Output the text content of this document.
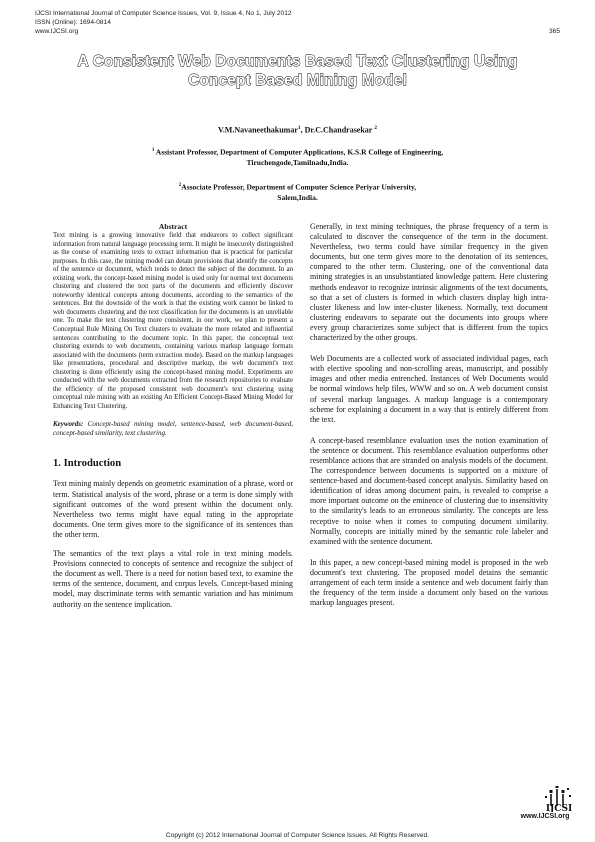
IJCSI International Journal of Computer Science Issues, Vol. 9, Issue 4, No 1, July 2012
ISSN (Online): 1694-0814
www.IJCSI.org	365
A Consistent Web Documents Based Text Clustering Using
Concept Based Mining Model
V.M.Navaneethakumar$^1$, Dr.C.Chandrasekar $^2$
$^1$ Assistant Professor, Department of Computer Applications, K.S.R College of Engineering,
Tiruchengode,Tamilnadu,India.
$^2$Associate Professor, Department of Computer Science Periyar University,
Salem,India.
Abstract

Text mining is a growing innovative field that endeavors to collect significant information from natural language processing term. It might be insecurely distinguished as the course of examining texts to extract information that is practical for particular purposes. In this case, the mining model can detain provisions that identify the concepts of the sentence or document, which tends to detect the subject of the document. In an existing work, the concept-based mining model is used only for normal text documents clustering and clustered the text parts of the documents and efficiently discover noteworthy identical concepts among documents, according to the semantics of the sentences. But the downside of the work is that the existing work cannot be linked to web documents clustering and the text classification for the documents is an unreliable one. To make the text clustering more consistent, in our work, we plan to present a Conceptual Rule Mining On Text clusters to evaluate the more related and influential sentences contributing to the document topic. In this paper, the conceptual text clustering extends to web documents, containing various markup language formats associated with the documents (term extraction mode). Based on the markup languages like presentations, procedural and descriptive markup, the web document's text clustering is done efficiently using the concept-based mining model. Experiments are conducted with the web documents extracted from the research repositories to evaluate the efficiency of the proposed consistent web document's text clustering using conceptual rule mining with an existing An Efficient Concept-Based Mining Model for Enhancing Text Clustering.

Keywords: Concept-based mining model, sentence-based, web document-based, concept-based similarity, text clustering.

1. Introduction

Text mining mainly depends on geometric examination of a phrase, word or term. Statistical analysis of the word, phrase or a term is done simply with significant outcomes of the word present within the document only. Nevertheless two terms might have equal rating in the appropriate documents. One term gives more to the significance of its sentences than the other term.

The semantics of the text plays a vital role in text mining models. Provisions connected to concepts of sentence and recognize the subject of the document as well. There is a need for notion based text, to examine the terms of the sentence, document, and corpus levels. Concept-based mining model, may discriminate terms with semantic variation and has minimum authority on the sentence implication.

Generally, in text mining techniques, the phrase frequency of a term is calculated to discover the consequence of the term in the document. Nevertheless, two terms could have similar frequency in the given documents, but one term gives more to the denotation of its sentences, compared to the other term. Clustering, one of the conventional data mining strategies is an unsubstantiated knowledge pattern. Here clustering methods endeavor to recognize intrinsic alignments of the text documents, so that a set of clusters is formed in which clusters display high intra-cluster likeness and low inter-cluster likeness. Normally, text document clustering endeavors to separate out the documents into groups where every group characterizes some subject that is different from the topics characterized by the other groups.

Web Documents are a collected work of associated individual pages, each with elective spooling and non-scrolling areas, manuscript, and possibly images and other media entrenched. Instances of Web Documents would be normal windows help files, WWW and so on. A web document consist of several markup languages. A markup language is a contemporary scheme for explaining a document in a way that is entirely different from the text.

A concept-based resemblance evaluation uses the notion examination of the sentence or document. This resemblance evaluation outperforms other resemblance actions that are stranded on analysis models of the document. The correspondence between documents is supported on a mixture of sentence-based and document-based concept analysis. Similarity based on identification of ideas among document pairs, is revealed to comprise a more important outcome on the eminence of clustering due to insensitivity to the similarity's leads to an erroneous similarity. The concepts are less receptive to noise when it comes to computing document similarity. Normally, concepts are initially mined by the semantic role labeler and examined with the sentence document.

In this paper, a new concept-based mining model is proposed in the web document's text clustering. The proposed model detains the semantic arrangement of each term inside a sentence and web document fairly than the frequency of the term inside a document only based on the various markup languages present.

IJCSI
www.IJCSI.org
Copyright (c) 2012 International Journal of Computer Science Issues. All Rights Reserved.
